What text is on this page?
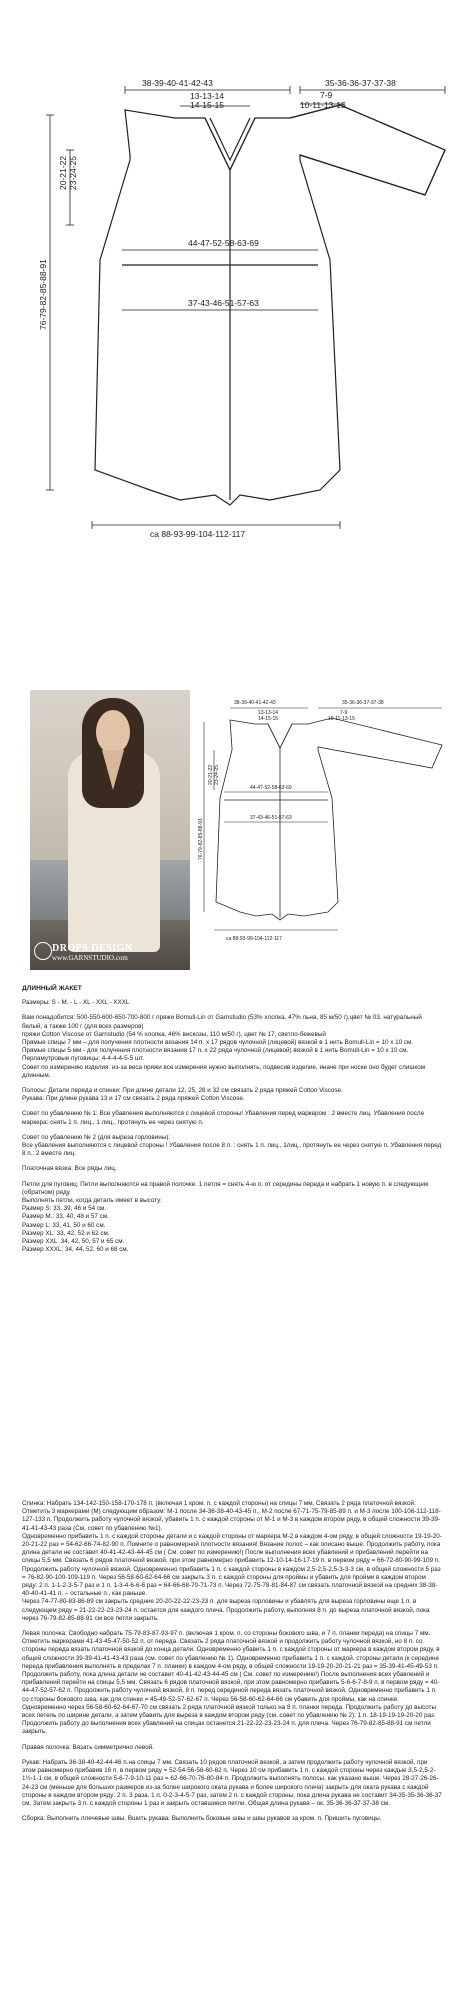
38-39-40-41-42-43
13-13-14
14-15-15
35-36-36-37-37-38
7-9
10-11-13-15
20-21-22 23-24-25
76-79-82-85-88-91
44-47-52-58-63-69
37-43-46-51-57-63
ca 88-93-99-104-112-117
DROPS DESIGN
www.GARNSTUDIO.com
38-39-40-41-42-43
13-13-14
14-15-15
35-36-36-37-37-38
7-9
10-11-13-15
20-21-22 23-24-25
76-79-82-85-88-91
44-47-52-58-63-69
37-43-46-51-57-63
ca 88-93-99-104-112-117

ДЛИННЫЙ ЖАКЕТ

Размеры: S - M. - L - XL - XXL - XXXL

Вам понадобится: 500-550-600-650-700-800 г пряжи Bomull-Lin от Garnstudio (53% хлопка, 47% льна, 85 м/50 г),цвет № 03, натуральный белый, а также 100 г (для всех размеров)

пряжи Cotton Viscose от Garnstudio (54 % хлопка, 46% вискозы, 110 м/50 г), цвет № 17, светло-бежевый

Прямые спицы 7 мм – для получения плотности вязания 14 п. х 17 рядов чулочной (лицевой) вязкой в 1 нить Bomull-Lin = 10 х 10 см.

Прямые спицы 5 мм - для получения плотности вязания 17 п. х 22 ряда чулочной (лицевой) вязкой в 1 нить Bomull-Lin = 10 х 10 см.

Перламутровые пуговицы: 4-4-4-4-5-5 шт.

Совет по измерению изделия: из-за веса пряжи все измерения нужно выполнять, подвесив изделие, иначе при носке оно будет слишком длинным.

Полосы: Детали переда и спинки: При длине детали 12, 25, 28 и 32 см связать 2 ряда пряжей Cotton Viscose.

Рукава: При длине рукава 13 и 17 см связать 2 ряда пряжей Cotton Viscose.

Совет по убавлению № 1: Все убавления выполняются с лицевой стороны! Убавления перед маркером : 2 вместе лиц. Убавления после маркера: снять 1 п. лиц., 1 лиц., протянуть ее через снятую п.

Совет по убавлению № 2 (для выреза горловины):

Все убавления выполняются с лицевой стороны ! Убавления после 8 п. : снять 1 п. лиц., 1лиц., протянуть ее через снятую п. Убавления перед 8 п.: 2 вместе лиц.

Платочная вязка: Все ряды лиц.

Петли для пуговиц: Петли выполняются на правой полочке. 1 петля = снять 4-ю п. от середины переда и набрать 1 новую п. в следующем (обратном) ряду.

Выполнять петли, когда деталь имеет в высоту:

Размер S: 33, 39, 46 и 54 см.

Размер M.: 33, 40, 48 и 57 см.

Размер L: 33, 41, 50 и 60 см.

Размер XL: 33, 42, 52 и 62 см.

Размер XXL: 34, 42, 50, 57 и 65 см.

Размер XXXL: 34, 44, 52, 60 и 68 см.

Спинка: Набрать 134-142-150-158-170-178 п. (включая 1 кром. п. с каждой стороны) на спицы 7 мм. Связать 2 ряда платочной вязкой. Отметить 3 маркерами (М) следующим образом: М-1 после 34-36-38-40-43-45 п., М-2 после 67-71-75-79-85-89 п. и М-3 после 100-106-112-118-127-133 п. Продолжить работу чулочной вязкой, убавить 1 п. с каждой стороны от М-1 и М-3 в каждом втором ряду, в общей сложности 39-39-41-41-43-43 раза (См. совет по убавлению №1).

Одновременно прибавить 1 п. с каждой стороны детали и с каждой стороны от маркера М-2 в каждом 4-ом ряду, в общей сложности 19-19-20-20-21-22 раз = 54-62-66-74-82-90 п. Помните о равномерной плотности вязания! Вязание полос – как описано выше. Продолжить работу, пока длина детали не составит 40-41-42-43-44-45 см ( См. совет по измерению!) После выполнения всех убавлений и прибавлений перейти на спицы 5,5 мм. Связать 6 рядов платочной вязкой, при этом равномерно прибавить 12-10-14-16-17-19 п. в первом ряду = 66-72-80-90-99-109 п.

Продолжить работу чулочной вязкой. Одновременно прибавить 1 п. с каждой стороны в каждом 2,5-2,5-2,5-3-3-3 см, в общей сложности 5 раз = 76-82-90-100-109-119 п. Через 56-58-60-62-64-66 см закрыть 3 п. с каждой стороны для проймы и убавить для пройми в каждом втором ряду: 2 п. 1-1-2-3-5-7 раз и 1 п. 1-3-4-6-6-6 раз = 64-66-68-70-71-73 п. Через 72-75-78-81-84-87 см связать платочной вязкой на средних 38-38-40-40-41-41 п. – остальные п., как раньше.

Через 74-77-80-83-86-89 см закрыть средние 20-20-22-22-23-23 п. для выреза горловины и убавлять для выреза горловины еще 1 п. в следующем ряду = 21-22-22-23-23-24 п. остается для каждого плеча. Продолжить работу, выполняя 8 п. до выреза платочной вязкой, пока через 76-79-82-85-88-91 см все петли закрыть.

Левая полочка: Свободно набрать 75-79-83-87-93-97 п. (включая 1 кром. п. со стороны бокового шва, и 7 п. планки переда) на спицы 7 мм. Отметить маркерами 41-43-45-47-50-52 п. от переда. Связать 2 ряда платочной вязкой и продолжить работу чулочной вязкой, но 8 п. со стороны переда вязать платочной вязкой до конца детали. Одновременно убавить 1 п. с каждой стороны от маркера в каждом втором ряду, в общей сложности 39-39-41-41-43-43 раза (см. совет по убавлению № 1). Одновременно прибавить 1 п. с каждой. стороны детали (к середине переда прибавления выполнять в пределах 7 п. планки) в каждом 4-ом ряду, в общей сложности 19-19-20-20-21-21 раз = 35-39-41-45-49-53 п. Продолжить работу, пока длина детали не составит 40-41-42-43-44-45 см ( См. совет по измерению!) После выполнения всех убавлений и прибавлений перейти на спицы 5,5 мм. Связать 6 рядов платочной вязкой, при этом равномерно прибавить 5-6-6-7-8-9 п. в первом ряду = 40-44-47-52-57-62 п. Продолжить работу чулочной вязкой, 8 п. перед серединой переда вязать платочной вязкой, Одновременно прибавить 1 п. со стороны бокового шва, как для спинки = 45-49-52-57-62-67 п. Через 56-58-60-62-64-66 см убавить для проймы, как на спинке. Одновременно через 56-58-60-62-64-67-70 см связать 2 ряда платочной вязкой только на 8 п. планки переда. Продолжить работу до высоты всех петель по ширине детали, а затем убавить для выреза в каждом втором ряду (см. совет по убавлению № 2): 1 п. 18-19-19-19-20-20 раз. Продолжить работу до выполнения всех убавлений на спицах останется 21-22-22-23-23-24 п. для плеча. Через 76-79-82-85-88-91 см петли закрыть.

Правая полочка: Вязать симметрично левой.

Рукав: Набрать 36-38-40-42-44-46 п.на спицы 7 мм. Связать 10 рядов платочной вязкой, а затем продолжить работу чулочной вязкой, при этом равномерно прибавив 16 п. в первом ряду = 52-54-56-58-60-62 п. Через 10 см прибавить 1 п. с каждой стороны через каждые 3,5-2,5-2-1½-1-1 см, в общей сложности 5-6-7-9-10-11 раз = 62-66-70-76-80-84 п. Продолжить выполнять полосы, как указано выше. Через 28-27-26-26-24-23 см (меньше для больших размеров из-за более широкого оката рукава и более широкого плеча) закрыть для оката рукава с каждой стороны в каждом втором ряду: 2 п. 3 раза. 1 п. 0-2-3-4-5-7 раз, затем 2 п. с каждой стороны, пока длина рукава не составит 34-35-35-36-36-37 см. Затем закрыть 3 п. с каждой стороны 1 раз и закрыть оставшиеся петли. Общая длина рукава – ок. 35-36-36-37-37-38 см.

Сборка: Выполнить плечевые швы. Вшить рукава. Выполнить боковые швы и швы рукавов за кром. п. Пришить пуговицы.
